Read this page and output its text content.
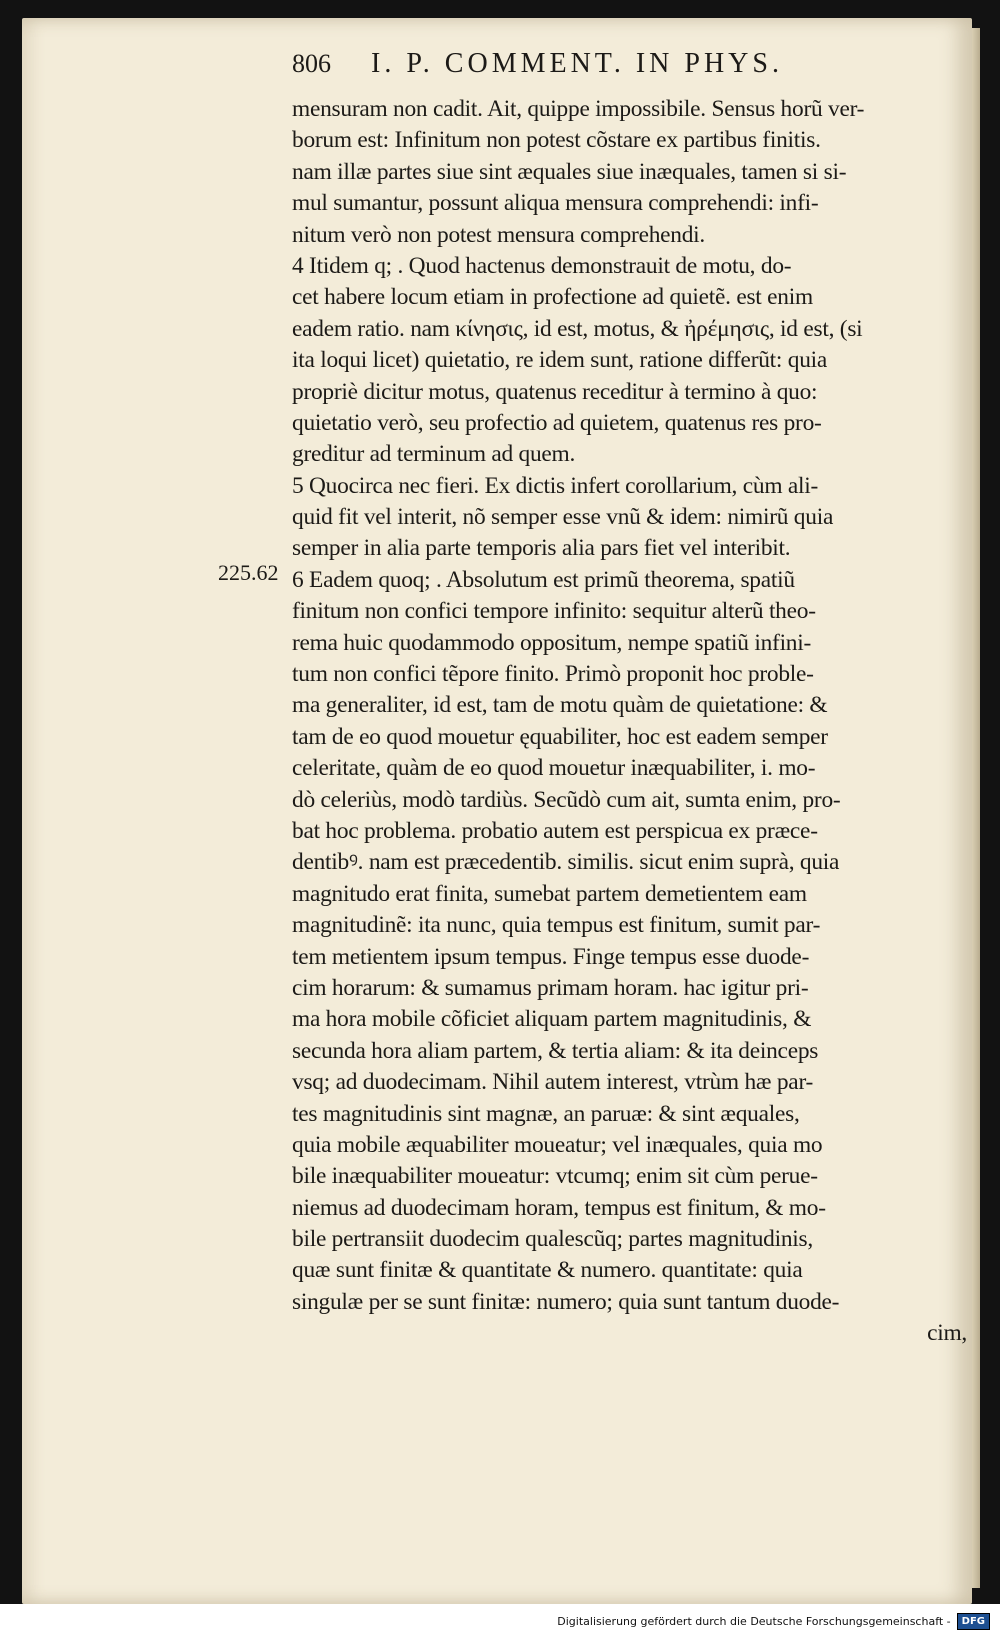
225.62
806 I. P. COMMENT. IN PHYS.
mensuram non cadit. Ait, quippe impossibile. Sensus horũ ver-
borum est: Infinitum non potest cõstare ex partibus finitis.
nam illæ partes siue sint æquales siue inæquales, tamen si si-
mul sumantur, possunt aliqua mensura comprehendi: infi-
nitum verò non potest mensura comprehendi.
4 Itidem q; . Quod hactenus demonstrauit de motu, do-
cet habere locum etiam in profectione ad quietẽ. est enim
eadem ratio. nam κίνησις, id est, motus, & ἠρέμησις, id est, (si
ita loqui licet) quietatio, re idem sunt, ratione differũt: quia
propriè dicitur motus, quatenus receditur à termino à quo:
quietatio verò, seu profectio ad quietem, quatenus res pro-
greditur ad terminum ad quem.
5 Quocirca nec fieri. Ex dictis infert corollarium, cùm ali-
quid fit vel interit, nõ semper esse vnũ & idem: nimirũ quia
semper in alia parte temporis alia pars fiet vel interibit.
6 Eadem quoq; . Absolutum est primũ theorema, spatiũ
finitum non confici tempore infinito: sequitur alterũ theo-
rema huic quodammodo oppositum, nempe spatiũ infini-
tum non confici tẽpore finito. Primò proponit hoc proble-
ma generaliter, id est, tam de motu quàm de quietatione: &
tam de eo quod mouetur ęquabiliter, hoc est eadem semper
celeritate, quàm de eo quod mouetur inæquabiliter, i. mo-
dò celeriùs, modò tardiùs. Secũdò cum ait, sumta enim, pro-
bat hoc problema. probatio autem est perspicua ex præce-
dentibꝰ. nam est præcedentib. similis. sicut enim suprà, quia
magnitudo erat finita, sumebat partem demetientem eam
magnitudinẽ: ita nunc, quia tempus est finitum, sumit par-
tem metientem ipsum tempus. Finge tempus esse duode-
cim horarum: & sumamus primam horam. hac igitur pri-
ma hora mobile cõficiet aliquam partem magnitudinis, &
secunda hora aliam partem, & tertia aliam: & ita deinceps
vsq; ad duodecimam. Nihil autem interest, vtrùm hæ par-
tes magnitudinis sint magnæ, an paruæ: & sint æquales,
quia mobile æquabiliter moueatur; vel inæquales, quia mo
bile inæquabiliter moueatur: vtcumq; enim sit cùm perue-
niemus ad duodecimam horam, tempus est finitum, & mo-
bile pertransiit duodecim qualescũq; partes magnitudinis,
quæ sunt finitæ & quantitate & numero. quantitate: quia
singulæ per se sunt finitæ: numero; quia sunt tantum duode-
cim,
Digitalisierung gefördert durch die Deutsche Forschungsgemeinschaft -	DFG
